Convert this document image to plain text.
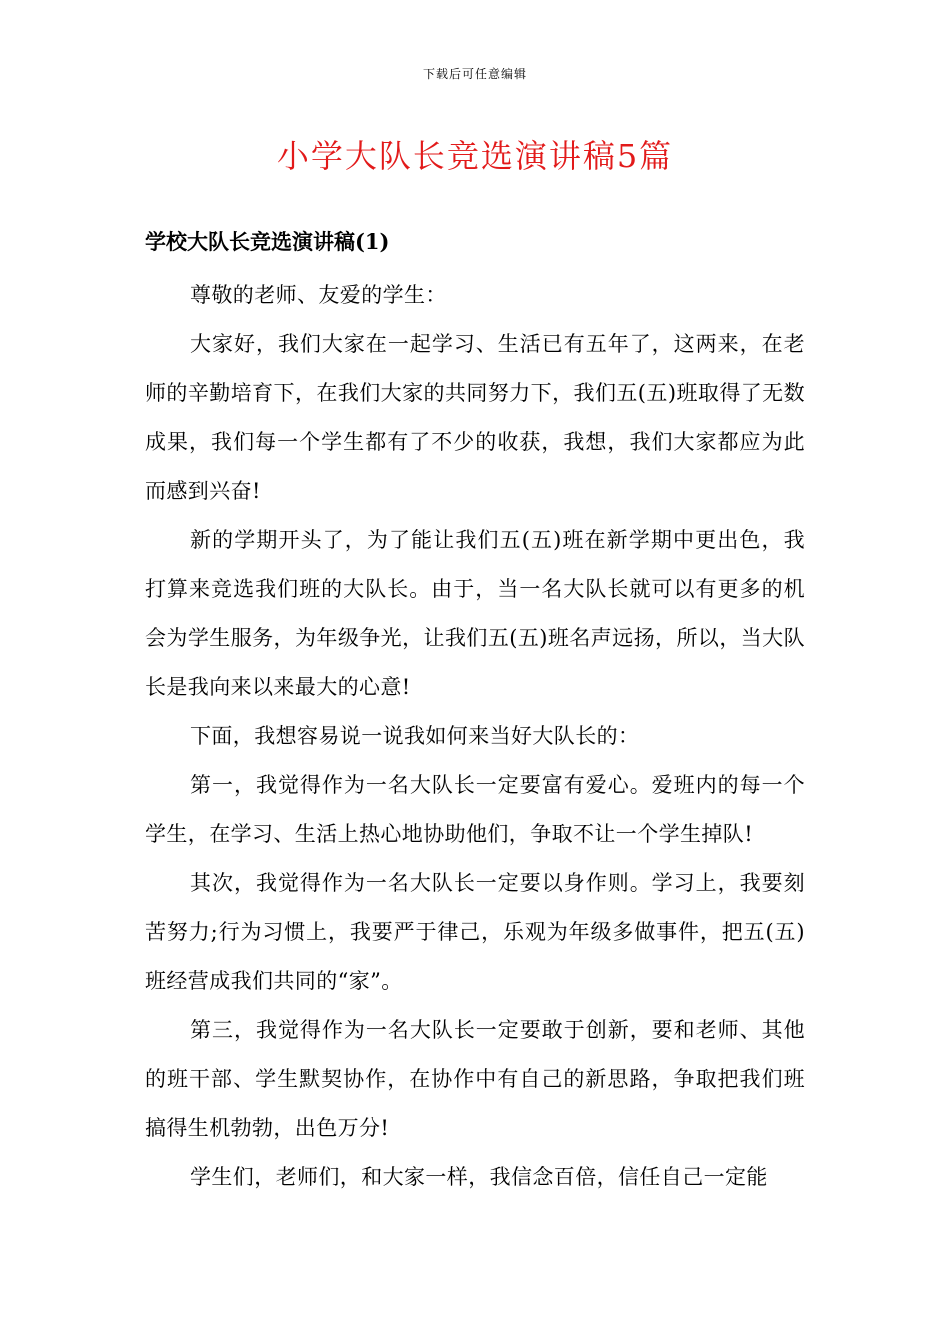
下载后可任意编辑
小学大队长竞选演讲稿5篇
学校大队长竞选演讲稿(1)

尊敬的老师、友爱的学生：

大家好，我们大家在一起学习、生活已有五年了，这两来，在老师的辛勤培育下，在我们大家的共同努力下，我们五(五)班取得了无数成果，我们每一个学生都有了不少的收获，我想，我们大家都应为此而感到兴奋!

新的学期开头了，为了能让我们五(五)班在新学期中更出色，我打算来竞选我们班的大队长。由于，当一名大队长就可以有更多的机会为学生服务，为年级争光，让我们五(五)班名声远扬，所以，当大队长是我向来以来最大的心意!

下面，我想容易说一说我如何来当好大队长的：

第一，我觉得作为一名大队长一定要富有爱心。爱班内的每一个学生，在学习、生活上热心地协助他们，争取不让一个学生掉队!

其次，我觉得作为一名大队长一定要以身作则。学习上，我要刻苦努力;行为习惯上，我要严于律己，乐观为年级多做事件，把五(五)班经营成我们共同的“家”。

第三，我觉得作为一名大队长一定要敢于创新，要和老师、其他的班干部、学生默契协作，在协作中有自己的新思路，争取把我们班搞得生机勃勃，出色万分!

学生们，老师们，和大家一样，我信念百倍，信任自己一定能
